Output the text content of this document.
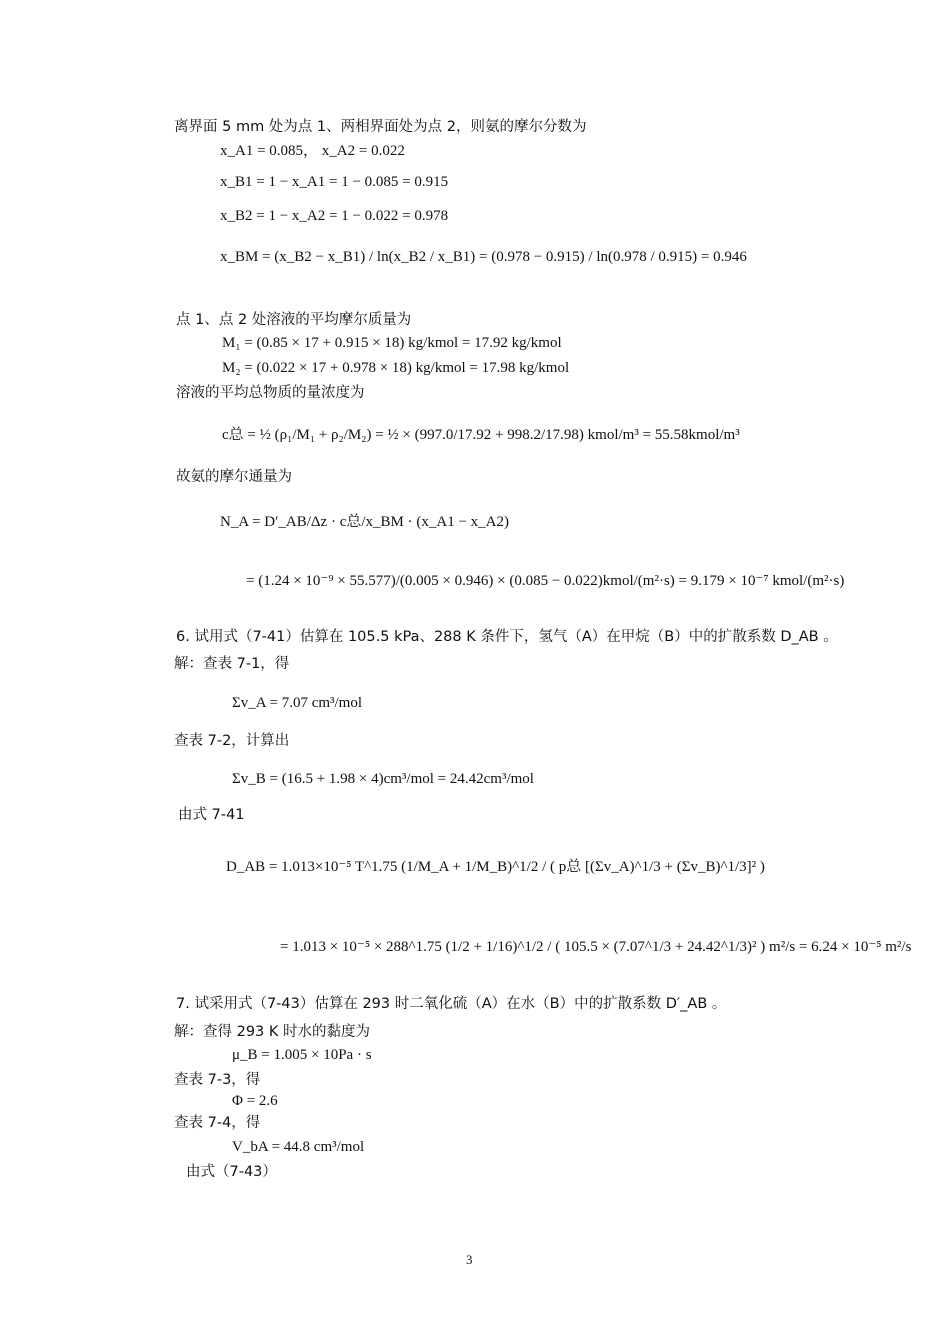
离界面 5 mm 处为点 1、两相界面处为点 2，则氨的摩尔分数为
x_A1 = 0.085， x_A2 = 0.022
x_B1 = 1 − x_A1 = 1 − 0.085 = 0.915
x_B2 = 1 − x_A2 = 1 − 0.022 = 0.978
x_BM = (x_B2 − x_B1) / ln(x_B2 / x_B1) = (0.978 − 0.915) / ln(0.978 / 0.915) = 0.946
点 1、点 2 处溶液的平均摩尔质量为
M₁ = (0.85 × 17 + 0.915 × 18) kg/kmol = 17.92 kg/kmol
M₂ = (0.022 × 17 + 0.978 × 18) kg/kmol = 17.98 kg/kmol
溶液的平均总物质的量浓度为
c总 = ½ (ρ₁/M₁ + ρ₂/M₂) = ½ × (997.0/17.92 + 998.2/17.98) kmol/m³ = 55.58kmol/m³
故氨的摩尔通量为
N_A = D′_AB/Δz · c总/x_BM · (x_A1 − x_A2)
= (1.24 × 10⁻⁹ × 55.577)/(0.005 × 0.946) × (0.085 − 0.022)kmol/(m²·s) = 9.179 × 10⁻⁷ kmol/(m²·s)
6. 试用式（7-41）估算在 105.5 kPa、288 K 条件下，氢气（A）在甲烷（B）中的扩散系数 D_AB 。
解：查表 7-1，得
Σv_A = 7.07 cm³/mol
查表 7-2，计算出
Σv_B = (16.5 + 1.98 × 4)cm³/mol = 24.42cm³/mol
由式 7-41
D_AB = 1.013×10⁻⁵ T^1.75 (1/M_A + 1/M_B)^1/2 / ( p总 [(Σv_A)^1/3 + (Σv_B)^1/3]² )
= 1.013 × 10⁻⁵ × 288^1.75 (1/2 + 1/16)^1/2 / ( 105.5 × (7.07^1/3 + 24.42^1/3)² ) m²/s = 6.24 × 10⁻⁵ m²/s
7. 试采用式（7-43）估算在 293 时二氧化硫（A）在水（B）中的扩散系数 D′_AB 。
解：查得 293 K 时水的黏度为
μ_B = 1.005 × 10Pa · s
查表 7-3，得
Φ = 2.6
查表 7-4，得
V_bA = 44.8 cm³/mol
由式（7-43）
3
